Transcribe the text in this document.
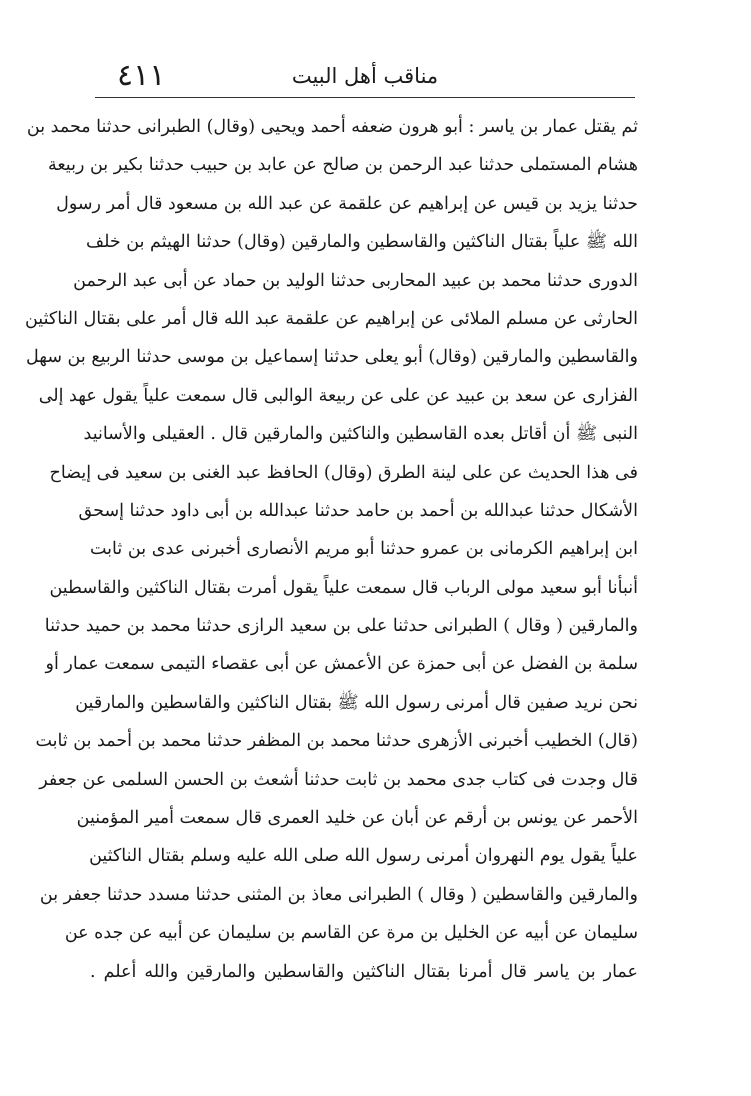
٤١١	مناقب أهل البيت
ثم يقتل عمار بن ياسر : أبو هرون ضعفه أحمد ويحيى (وقال) الطبرانى حدثنا محمد بن
هشام المستملى حدثنا عبد الرحمن بن صالح عن عابد بن حبيب حدثنا بكير بن ربيعة
حدثنا يزيد بن قيس عن إبراهيم عن علقمة عن عبد الله بن مسعود قال أمر رسول
الله ﷺ علياً بقتال الناكثين والقاسطين والمارقين (وقال) حدثنا الهيثم بن خلف
الدورى حدثنا محمد بن عبيد المحاربى حدثنا الوليد بن حماد عن أبى عبد الرحمن
الحارثى عن مسلم الملائى عن إبراهيم عن علقمة عبد الله قال أمر على بقتال الناكثين
والقاسطين والمارقين (وقال) أبو يعلى حدثنا إسماعيل بن موسى حدثنا الربيع بن سهل
الفزارى عن سعد بن عبيد عن على عن ربيعة الوالبى قال سمعت علياً يقول عهد إلى
النبى ﷺ أن أقاتل بعده القاسطين والناكثين والمارقين قال . العقيلى والأسانيد
فى هذا الحديث عن على لينة الطرق (وقال) الحافظ عبد الغنى بن سعيد فى إيضاح
الأشكال حدثنا عبدالله بن أحمد بن حامد حدثنا عبدالله بن أبى داود حدثنا إسحق
ابن إبراهيم الكرمانى بن عمرو حدثنا أبو مريم الأنصارى أخبرنى عدى بن ثابت
أنبأنا أبو سعيد مولى الرباب قال سمعت علياً يقول أمرت بقتال الناكثين والقاسطين
والمارقين ( وقال ) الطبرانى حدثنا على بن سعيد الرازى حدثنا محمد بن حميد حدثنا
سلمة بن الفضل عن أبى حمزة عن الأعمش عن أبى عقصاء التيمى سمعت عمار أو
نحن نريد صفين قال أمرنى رسول الله ﷺ بقتال الناكثين والقاسطين والمارقين
(قال) الخطيب أخبرنى الأزهرى حدثنا محمد بن المظفر حدثنا محمد بن أحمد بن ثابت
قال وجدت فى كتاب جدى محمد بن ثابت حدثنا أشعث بن الحسن السلمى عن جعفر
الأحمر عن يونس بن أرقم عن أبان عن خليد العمرى قال سمعت أمير المؤمنين
علياً يقول يوم النهروان أمرنى رسول الله صلى الله عليه وسلم بقتال الناكثين
والمارقين والقاسطين ( وقال ) الطبرانى معاذ بن المثنى حدثنا مسدد حدثنا جعفر بن
سليمان عن أبيه عن الخليل بن مرة عن القاسم بن سليمان عن أبيه عن جده عن
عمار بن ياسر قال أمرنا بقتال الناكثين والقاسطين والمارقين والله أعلم .
